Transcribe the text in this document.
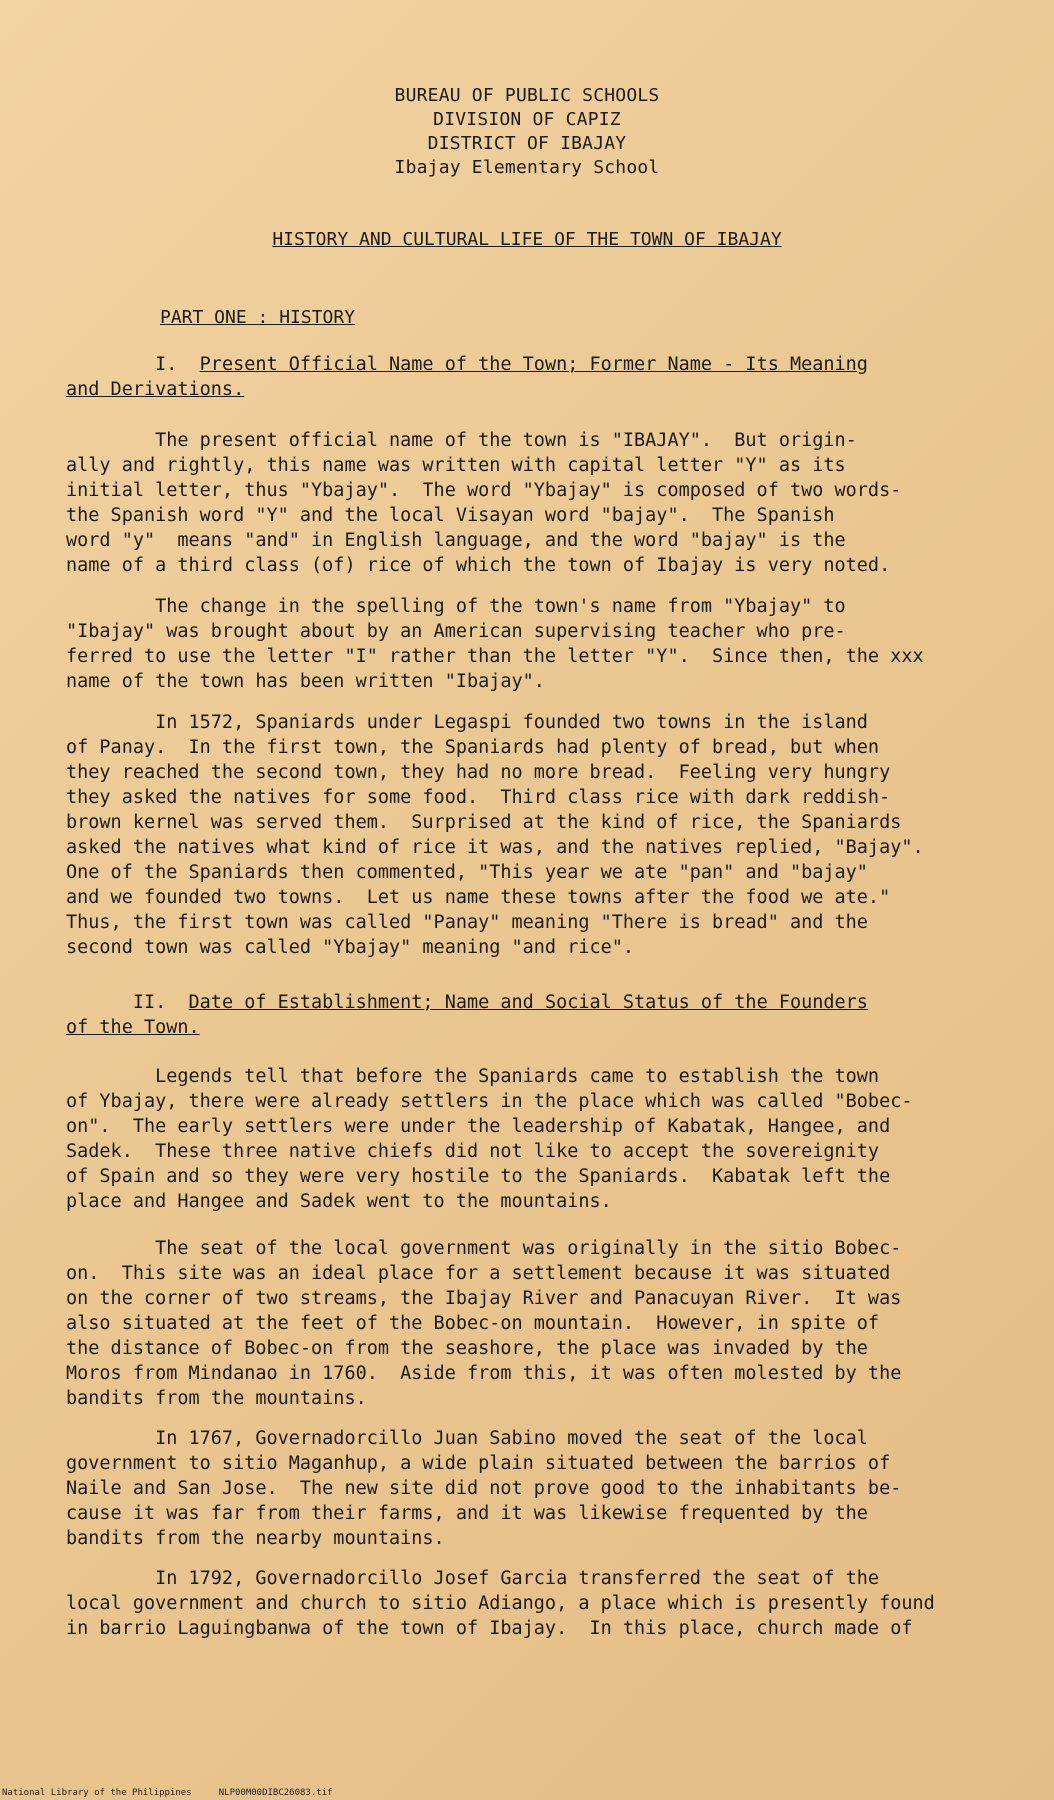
BUREAU OF PUBLIC SCHOOLS
DIVISION OF CAPIZ
DISTRICT OF IBAJAY
Ibajay Elementary School
HISTORY AND CULTURAL LIFE OF THE TOWN OF IBAJAY
PART ONE : HISTORY
I.  Present Official Name of the Town; Former Name - Its Meaning
and Derivations.
The present official name of the town is "IBAJAY".  But origin-
ally and rightly, this name was written with capital letter "Y" as its
initial letter, thus "Ybajay".  The word "Ybajay" is composed of two words-
the Spanish word "Y" and the local Visayan word "bajay".  The Spanish
word "y"  means "and" in English language, and the word "bajay" is the
name of a third class (of) rice of which the town of Ibajay is very noted.
The change in the spelling of the town's name from "Ybajay" to
"Ibajay" was brought about by an American supervising teacher who pre-
ferred to use the letter "I" rather than the letter "Y".  Since then, the xxx
name of the town has been written "Ibajay".
In 1572, Spaniards under Legaspi founded two towns in the island
of Panay.  In the first town, the Spaniards had plenty of bread, but when
they reached the second town, they had no more bread.  Feeling very hungry
they asked the natives for some food.  Third class rice with dark reddish-
brown kernel was served them.  Surprised at the kind of rice, the Spaniards
asked the natives what kind of rice it was, and the natives replied, "Bajay".
One of the Spaniards then commented, "This year we ate "pan" and "bajay"
and we founded two towns.  Let us name these towns after the food we ate."
Thus, the first town was called "Panay" meaning "There is bread" and the
second town was called "Ybajay" meaning "and rice".
II.  Date of Establishment; Name and Social Status of the Founders
of the Town.
Legends tell that before the Spaniards came to establish the town
of Ybajay, there were already settlers in the place which was called "Bobec-
on".  The early settlers were under the leadership of Kabatak, Hangee, and
Sadek.  These three native chiefs did not like to accept the sovereignity
of Spain and so they were very hostile to the Spaniards.  Kabatak left the
place and Hangee and Sadek went to the mountains.
The seat of the local government was originally in the sitio Bobec-
on.  This site was an ideal place for a settlement because it was situated
on the corner of two streams, the Ibajay River and Panacuyan River.  It was
also situated at the feet of the Bobec-on mountain.  However, in spite of
the distance of Bobec-on from the seashore, the place was invaded by the
Moros from Mindanao in 1760.  Aside from this, it was often molested by the
bandits from the mountains.
In 1767, Governadorcillo Juan Sabino moved the seat of the local
government to sitio Maganhup, a wide plain situated between the barrios of
Naile and San Jose.  The new site did not prove good to the inhabitants be-
cause it was far from their farms, and it was likewise frequented by the
bandits from the nearby mountains.
In 1792, Governadorcillo Josef Garcia transferred the seat of the
local government and church to sitio Adiango, a place which is presently found
in barrio Laguingbanwa of the town of Ibajay.  In this place, church made of
National Library of the Philippines     NLP00M00DIBC26083.tif
